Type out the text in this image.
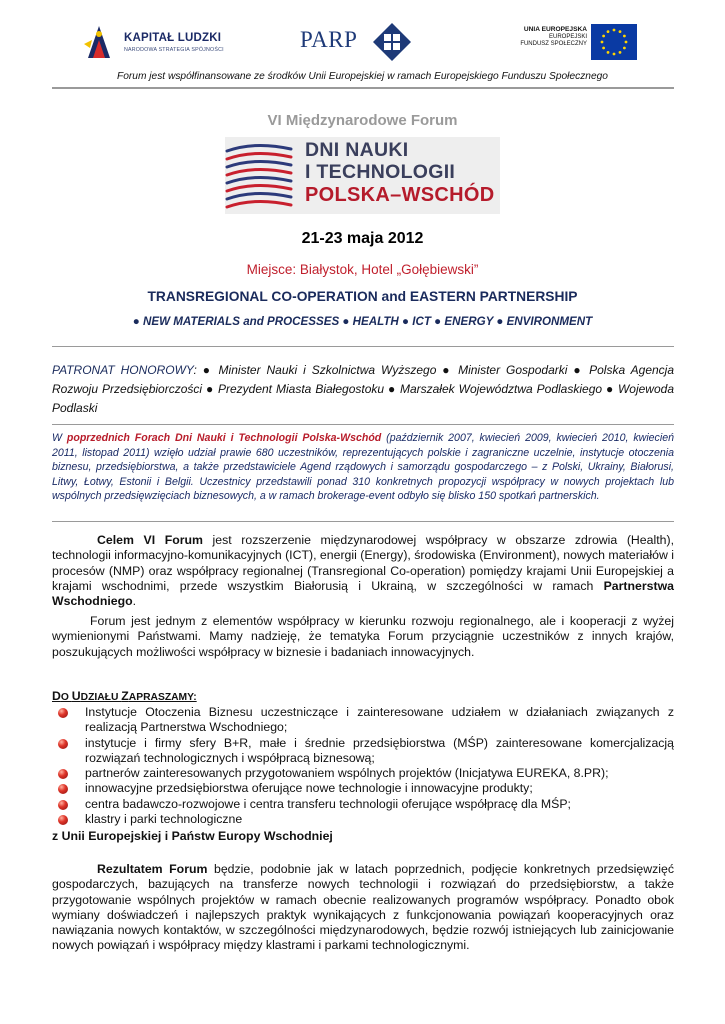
KAPITAŁ LUDZKI
NARODOWA STRATEGIA SPÓJNOŚCI	PARP	UNIA EUROPEJSKA
EUROPEJSKI
FUNDUSZ SPOŁECZNY
Forum jest współfinansowane ze środków Unii Europejskiej w ramach Europejskiego Funduszu Społecznego
VI Międzynarodowe Forum
DNI NAUKI
I TECHNOLOGII
POLSKA–WSCHÓD
21-23 maja 2012
Miejsce: Białystok, Hotel „Gołębiewski”
TRANSREGIONAL CO-OPERATION and EASTERN PARTNERSHIP
● NEW MATERIALS and PROCESSES ● HEALTH ● ICT ● ENERGY ● ENVIRONMENT
PATRONAT HONOROWY: ● Minister Nauki i Szkolnictwa Wyższego ● Minister Gospodarki ● Polska Agencja Rozwoju Przedsiębiorczości ● Prezydent Miasta Białegostoku ● Marszałek Województwa Podlaskiego ● Wojewoda Podlaski
W poprzednich Forach Dni Nauki i Technologii Polska-Wschód (październik 2007, kwiecień 2009, kwiecień 2010, kwiecień 2011, listopad 2011) wzięło udział prawie 680 uczestników, reprezentujących polskie i zagraniczne uczelnie, instytucje otoczenia biznesu, przedsiębiorstwa, a także przedstawiciele Agend rządowych i samorządu gospodarczego – z Polski, Ukrainy, Białorusi, Litwy, Łotwy, Estonii i Belgii. Uczestnicy przedstawili ponad 310 konkretnych propozycji współpracy w nowych projektach lub wspólnych przedsięwzięciach biznesowych, a w ramach brokerage-event odbyło się blisko 150 spotkań partnerskich.
Celem VI Forum jest rozszerzenie międzynarodowej współpracy w obszarze zdrowia (Health), technologii informacyjno-komunikacyjnych (ICT), energii (Energy), środowiska (Environment), nowych materiałów i procesów (NMP) oraz współpracy regionalnej (Transregional Co-operation) pomiędzy krajami Unii Europejskiej a krajami wschodnimi, przede wszystkim Białorusią i Ukrainą, w szczególności w ramach Partnerstwa Wschodniego.
Forum jest jednym z elementów współpracy w kierunku rozwoju regionalnego, ale i kooperacji z wyżej wymienionymi Państwami. Mamy nadzieję, że tematyka Forum przyciągnie uczestników z innych krajów, poszukujących możliwości współpracy w biznesie i badaniach innowacyjnych.
DO UDZIAŁU ZAPRASZAMY:
Instytucje Otoczenia Biznesu uczestniczące i zainteresowane udziałem w działaniach związanych z realizacją Partnerstwa Wschodniego;
instytucje i firmy sfery B+R, małe i średnie przedsiębiorstwa (MŚP) zainteresowane komercjalizacją rozwiązań technologicznych i współpracą biznesową;
partnerów zainteresowanych przygotowaniem wspólnych projektów (Inicjatywa EUREKA, 8.PR);
innowacyjne przedsiębiorstwa oferujące nowe technologie i innowacyjne produkty;
centra badawczo-rozwojowe i centra transferu technologii oferujące współpracę dla MŚP;
klastry i parki technologiczne
z Unii Europejskiej i Państw Europy Wschodniej
Rezultatem Forum będzie, podobnie jak w latach poprzednich, podjęcie konkretnych przedsięwzięć gospodarczych, bazujących na transferze nowych technologii i rozwiązań do przedsiębiorstw, a także przygotowanie wspólnych projektów w ramach obecnie realizowanych programów współpracy. Ponadto obok wymiany doświadczeń i najlepszych praktyk wynikających z funkcjonowania powiązań kooperacyjnych oraz nawiązania nowych kontaktów, w szczególności międzynarodowych, będzie rozwój istniejących lub zainicjowanie nowych powiązań i współpracy między klastrami i parkami technologicznymi.
